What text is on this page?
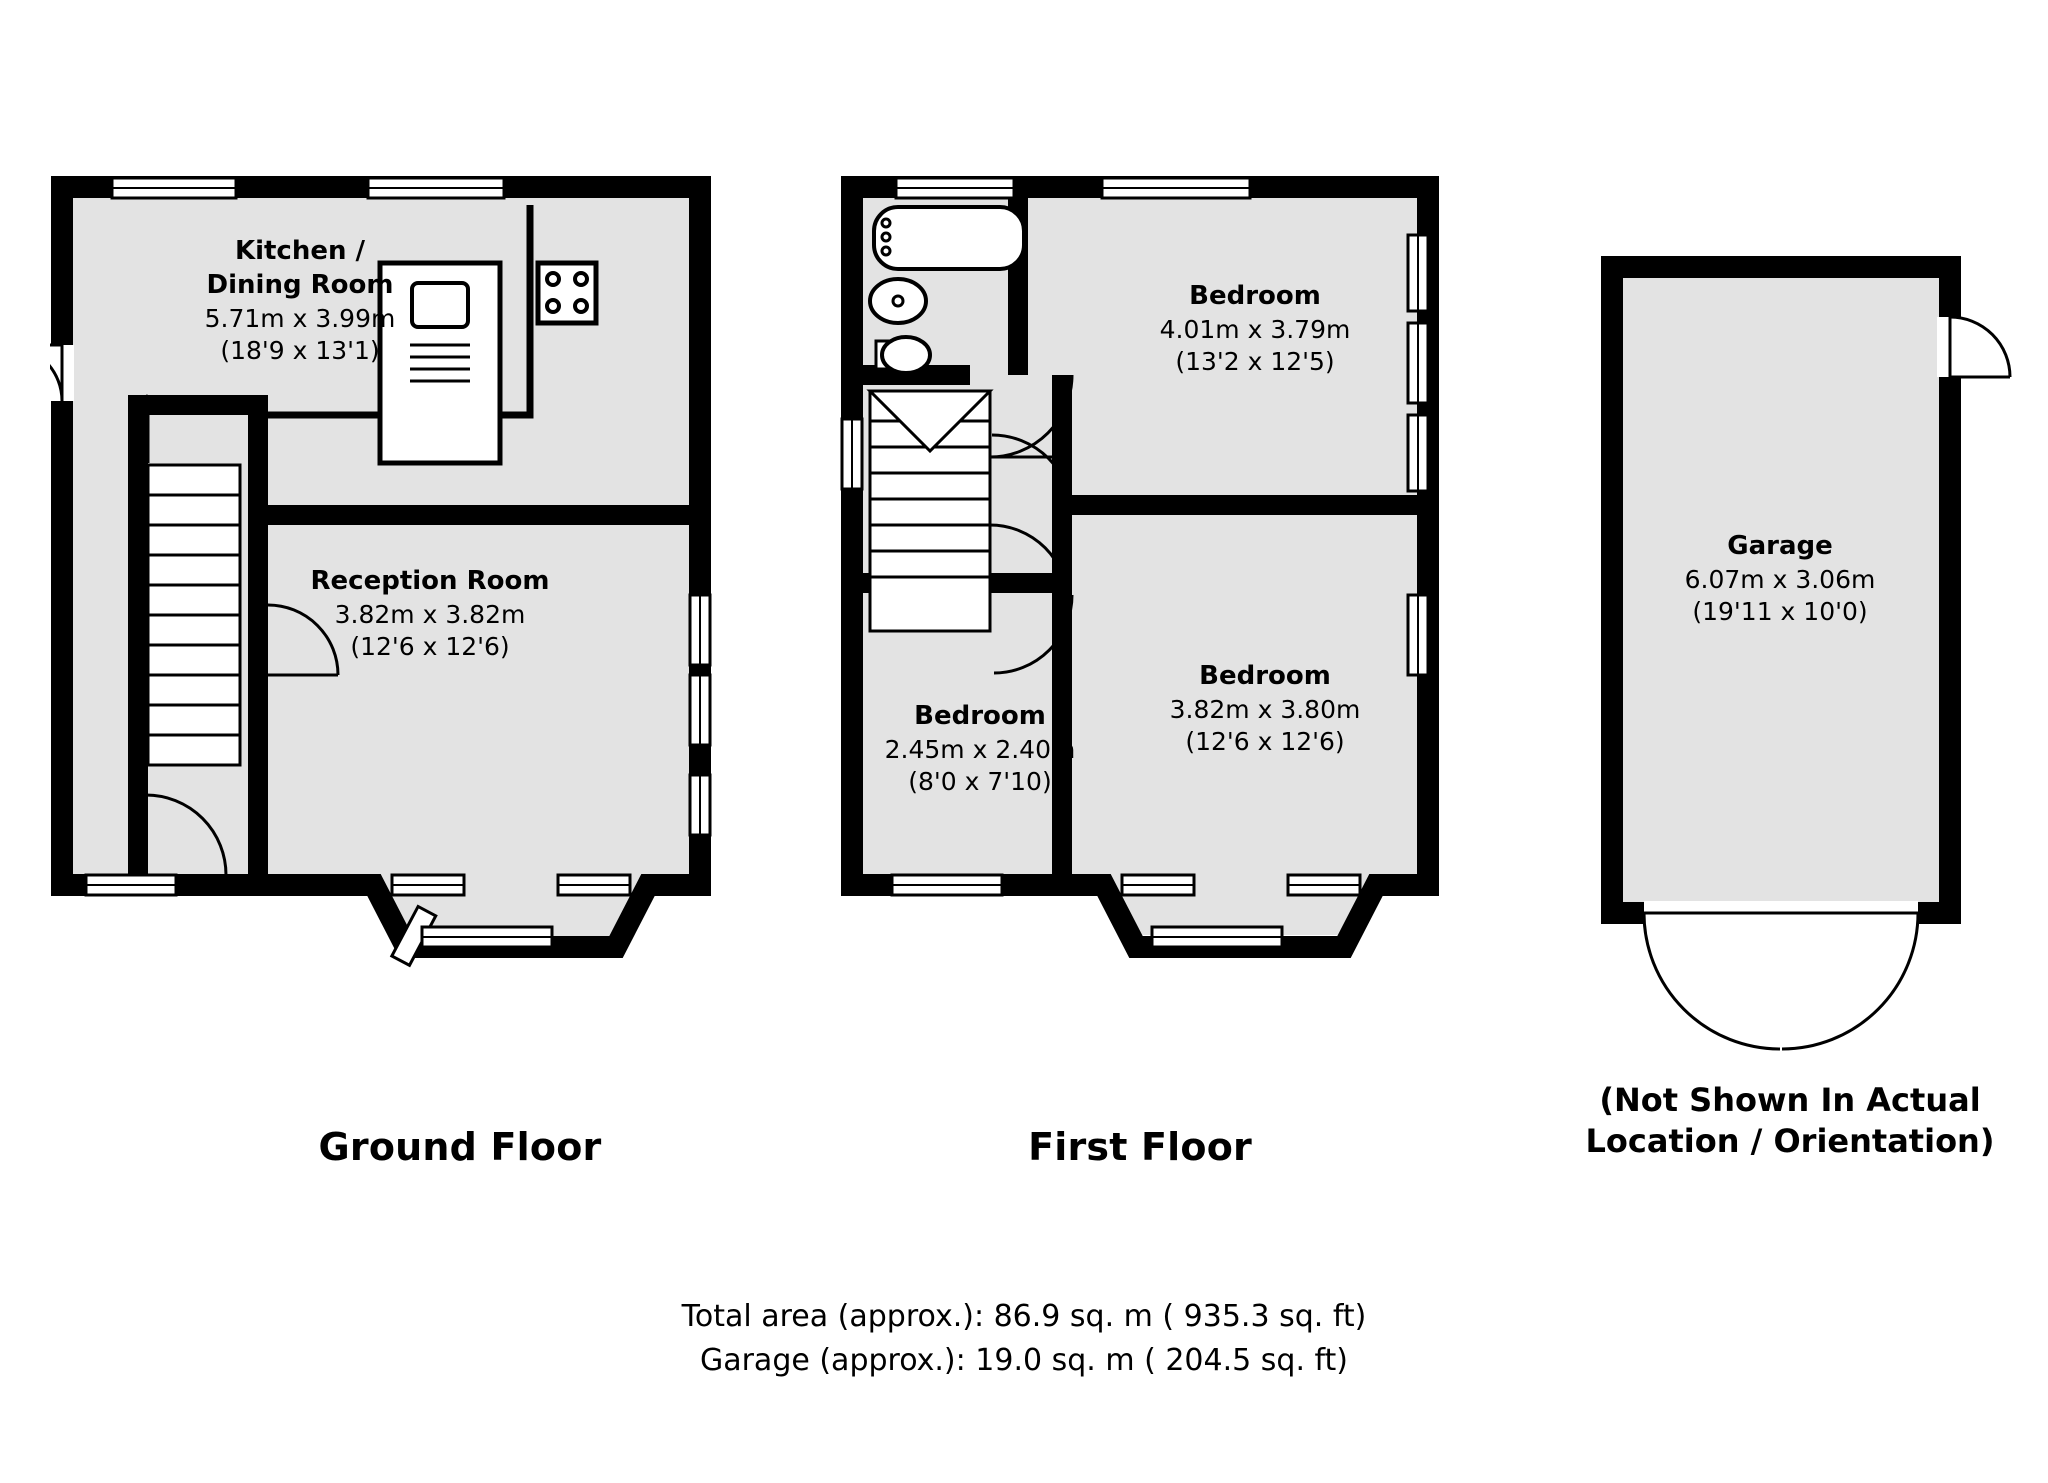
Kitchen /
Dining Room
5.71m x 3.99m
(18'9 x 13'1)
Reception Room
3.82m x 3.82m
(12'6 x 12'6)
Bedroom
4.01m x 3.79m
(13'2 x 12'5)
Bedroom
3.82m x 3.80m
(12'6 x 12'6)
Bedroom
2.45m x 2.40m
(8'0 x 7'10)
Garage
6.07m x 3.06m
(19'11 x 10'0)
Ground Floor	First Floor
(Not Shown In Actual
Location / Orientation)
Total area (approx.): 86.9 sq. m ( 935.3 sq. ft)
Garage (approx.): 19.0 sq. m ( 204.5 sq. ft)
